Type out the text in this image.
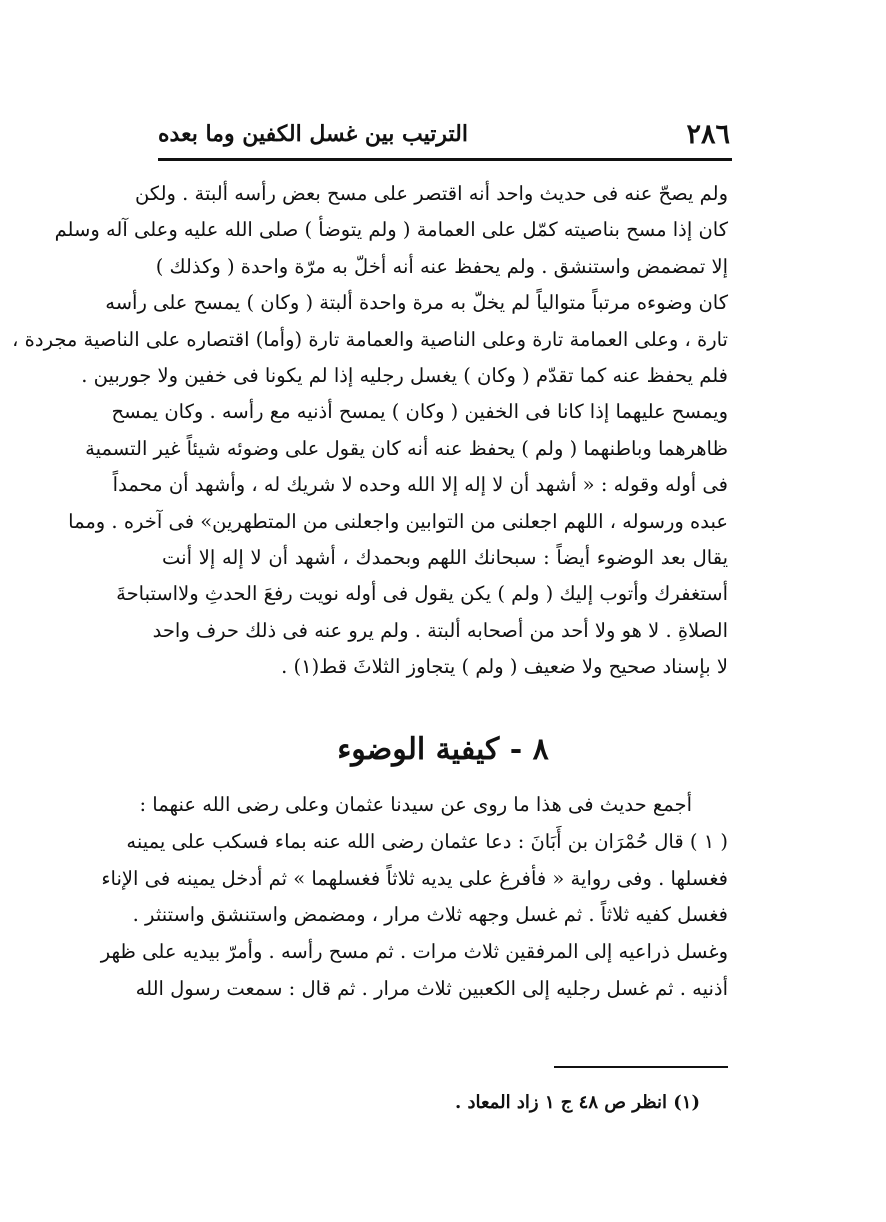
٢٨٦
الترتيب بين غسل الكفين وما بعده

ولم يصحّ عنه فى حديث واحد أنه اقتصر على مسح بعض رأسه ألبتة . ولكن

كان إذا مسح بناصيته كمّل على العمامة ( ولم يتوضأ ) صلى الله عليه وعلى آله وسلم

إلا تمضمض واستنشق . ولم يحفظ عنه أنه أخلّ به مرّة واحدة ( وكذلك )

كان وضوءه مرتباً متوالياً لم يخلّ به مرة واحدة ألبتة ( وكان ) يمسح على رأسه

تارة ، وعلى العمامة تارة وعلى الناصية والعمامة تارة (وأما) اقتصاره على الناصية مجردة ،

فلم يحفظ عنه كما تقدّم ( وكان ) يغسل رجليه إذا لم يكونا فى خفين ولا جوربين .

ويمسح عليهما إذا كانا فى الخفين ( وكان ) يمسح أذنيه مع رأسه . وكان يمسح

ظاهرهما وباطنهما ( ولم ) يحفظ عنه أنه كان يقول على وضوئه شيئاً غير التسمية

فى أوله وقوله : « أشهد أن لا إله إلا الله وحده لا شريك له ، وأشهد أن محمداً

عبده ورسوله ، اللهم اجعلنى من التوابين واجعلنى من المتطهرين» فى آخره . ومما

يقال بعد الوضوء أيضاً : سبحانك اللهم وبحمدك ، أشهد أن لا إله إلا أنت

أستغفرك وأتوب إليك ( ولم ) يكن يقول فى أوله نويت رفعَ الحدثِ ولااستباحةَ

الصلاةِ . لا هو ولا أحد من أصحابه ألبتة . ولم يرو عنه فى ذلك حرف واحد

لا بإسناد صحيح ولا ضعيف ( ولم ) يتجاوز الثلاثَ قط(١) .

٨ - كيفية الوضوء

أجمع حديث فى هذا ما روى عن سيدنا عثمان وعلى رضى الله عنهما :

( ١ ) قال حُمْرَان بن أَبَانَ : دعا عثمان رضى الله عنه بماء فسكب على يمينه

فغسلها . وفى رواية « فأفرغ على يديه ثلاثاً فغسلهما » ثم أدخل يمينه فى الإناء

فغسل كفيه ثلاثاً . ثم غسل وجهه ثلاث مرار ، ومضمض واستنشق واستنثر .

وغسل ذراعيه إلى المرفقين ثلاث مرات . ثم مسح رأسه . وأمرّ بيديه على ظهر

أذنيه . ثم غسل رجليه إلى الكعبين ثلاث مرار . ثم قال : سمعت رسول الله

(١) انظر ص ٤٨ ج ١ زاد المعاد .
